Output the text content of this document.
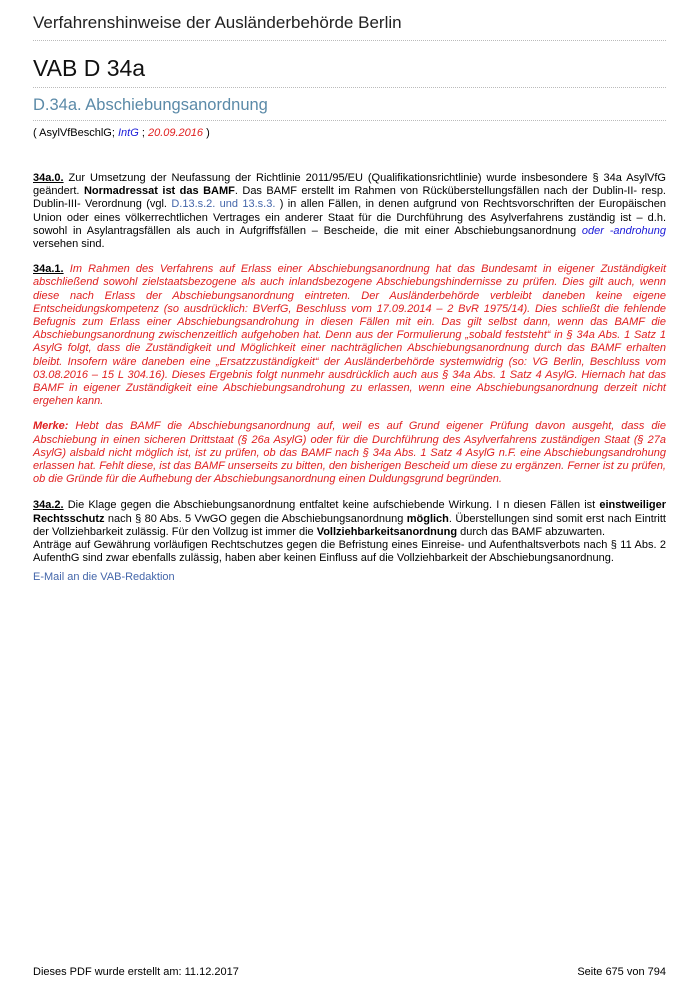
Verfahrenshinweise der Ausländerbehörde Berlin
VAB D 34a
D.34a. Abschiebungsanordnung
( AsylVfBeschlG; IntG ; 20.09.2016 )

34a.0. Zur Umsetzung der Neufassung der Richtlinie 2011/95/EU (Qualifikationsrichtlinie) wurde insbesondere § 34a AsylVfG geändert. Normadressat ist das BAMF. Das BAMF erstellt im Rahmen von Rücküberstellungsfällen nach der Dublin-II- resp. Dublin-III- Verordnung (vgl. D.13.s.2. und 13.s.3. ) in allen Fällen, in denen aufgrund von Rechtsvorschriften der Europäischen Union oder eines völkerrechtlichen Vertrages ein anderer Staat für die Durchführung des Asylverfahrens zuständig ist – d.h. sowohl in Asylantragsfällen als auch in Aufgriffsfällen – Bescheide, die mit einer Abschiebungsanordnung oder -androhung versehen sind.

34a.1. Im Rahmen des Verfahrens auf Erlass einer Abschiebungsanordnung hat das Bundesamt in eigener Zuständigkeit abschließend sowohl zielstaatsbezogene als auch inlandsbezogene Abschiebungshindernisse zu prüfen. Dies gilt auch, wenn diese nach Erlass der Abschiebungsanordnung eintreten. Der Ausländerbehörde verbleibt daneben keine eigene Entscheidungskompetenz (so ausdrücklich: BVerfG, Beschluss vom 17.09.2014 – 2 BvR 1975/14). Dies schließt die fehlende Befugnis zum Erlass einer Abschiebungsandrohung in diesen Fällen mit ein. Das gilt selbst dann, wenn das BAMF die Abschiebungsanordnung zwischenzeitlich aufgehoben hat. Denn aus der Formulierung „sobald feststeht“ in § 34a Abs. 1 Satz 1 AsylG folgt, dass die Zuständigkeit und Möglichkeit einer nachträglichen Abschiebungsanordnung durch das BAMF erhalten bleibt. Insofern wäre daneben eine „Ersatzzuständigkeit“ der Ausländerbehörde systemwidrig (so: VG Berlin, Beschluss vom 03.08.2016 – 15 L 304.16). Dieses Ergebnis folgt nunmehr ausdrücklich auch aus § 34a Abs. 1 Satz 4 AsylG. Hiernach hat das BAMF in eigener Zuständigkeit eine Abschiebungsandrohung zu erlassen, wenn eine Abschiebungsanordnung derzeit nicht ergehen kann.

Merke: Hebt das BAMF die Abschiebungsanordnung auf, weil es auf Grund eigener Prüfung davon ausgeht, dass die Abschiebung in einen sicheren Drittstaat (§ 26a AsylG) oder für die Durchführung des Asylverfahrens zuständigen Staat (§ 27a AsylG) alsbald nicht möglich ist, ist zu prüfen, ob das BAMF nach § 34a Abs. 1 Satz 4 AsylG n.F. eine Abschiebungsandrohung erlassen hat. Fehlt diese, ist das BAMF unserseits zu bitten, den bisherigen Bescheid um diese zu ergänzen. Ferner ist zu prüfen, ob die Gründe für die Aufhebung der Abschiebungsanordnung einen Duldungsgrund begründen.

34a.2. Die Klage gegen die Abschiebungsanordnung entfaltet keine aufschiebende Wirkung. I n diesen Fällen ist einstweiliger Rechtsschutz nach § 80 Abs. 5 VwGO gegen die Abschiebungsanordnung möglich. Überstellungen sind somit erst nach Eintritt der Vollziehbarkeit zulässig. Für den Vollzug ist immer die Vollziehbarkeitsanordnung durch das BAMF abzuwarten.

Anträge auf Gewährung vorläufigen Rechtschutzes gegen die Befristung eines Einreise- und Aufenthaltsverbots nach § 11 Abs. 2 AufenthG sind zwar ebenfalls zulässig, haben aber keinen Einfluss auf die Vollziehbarkeit der Abschiebungsanordnung.

E-Mail an die VAB-Redaktion
Dieses PDF wurde erstellt am: 11.12.2017	Seite 675 von 794
